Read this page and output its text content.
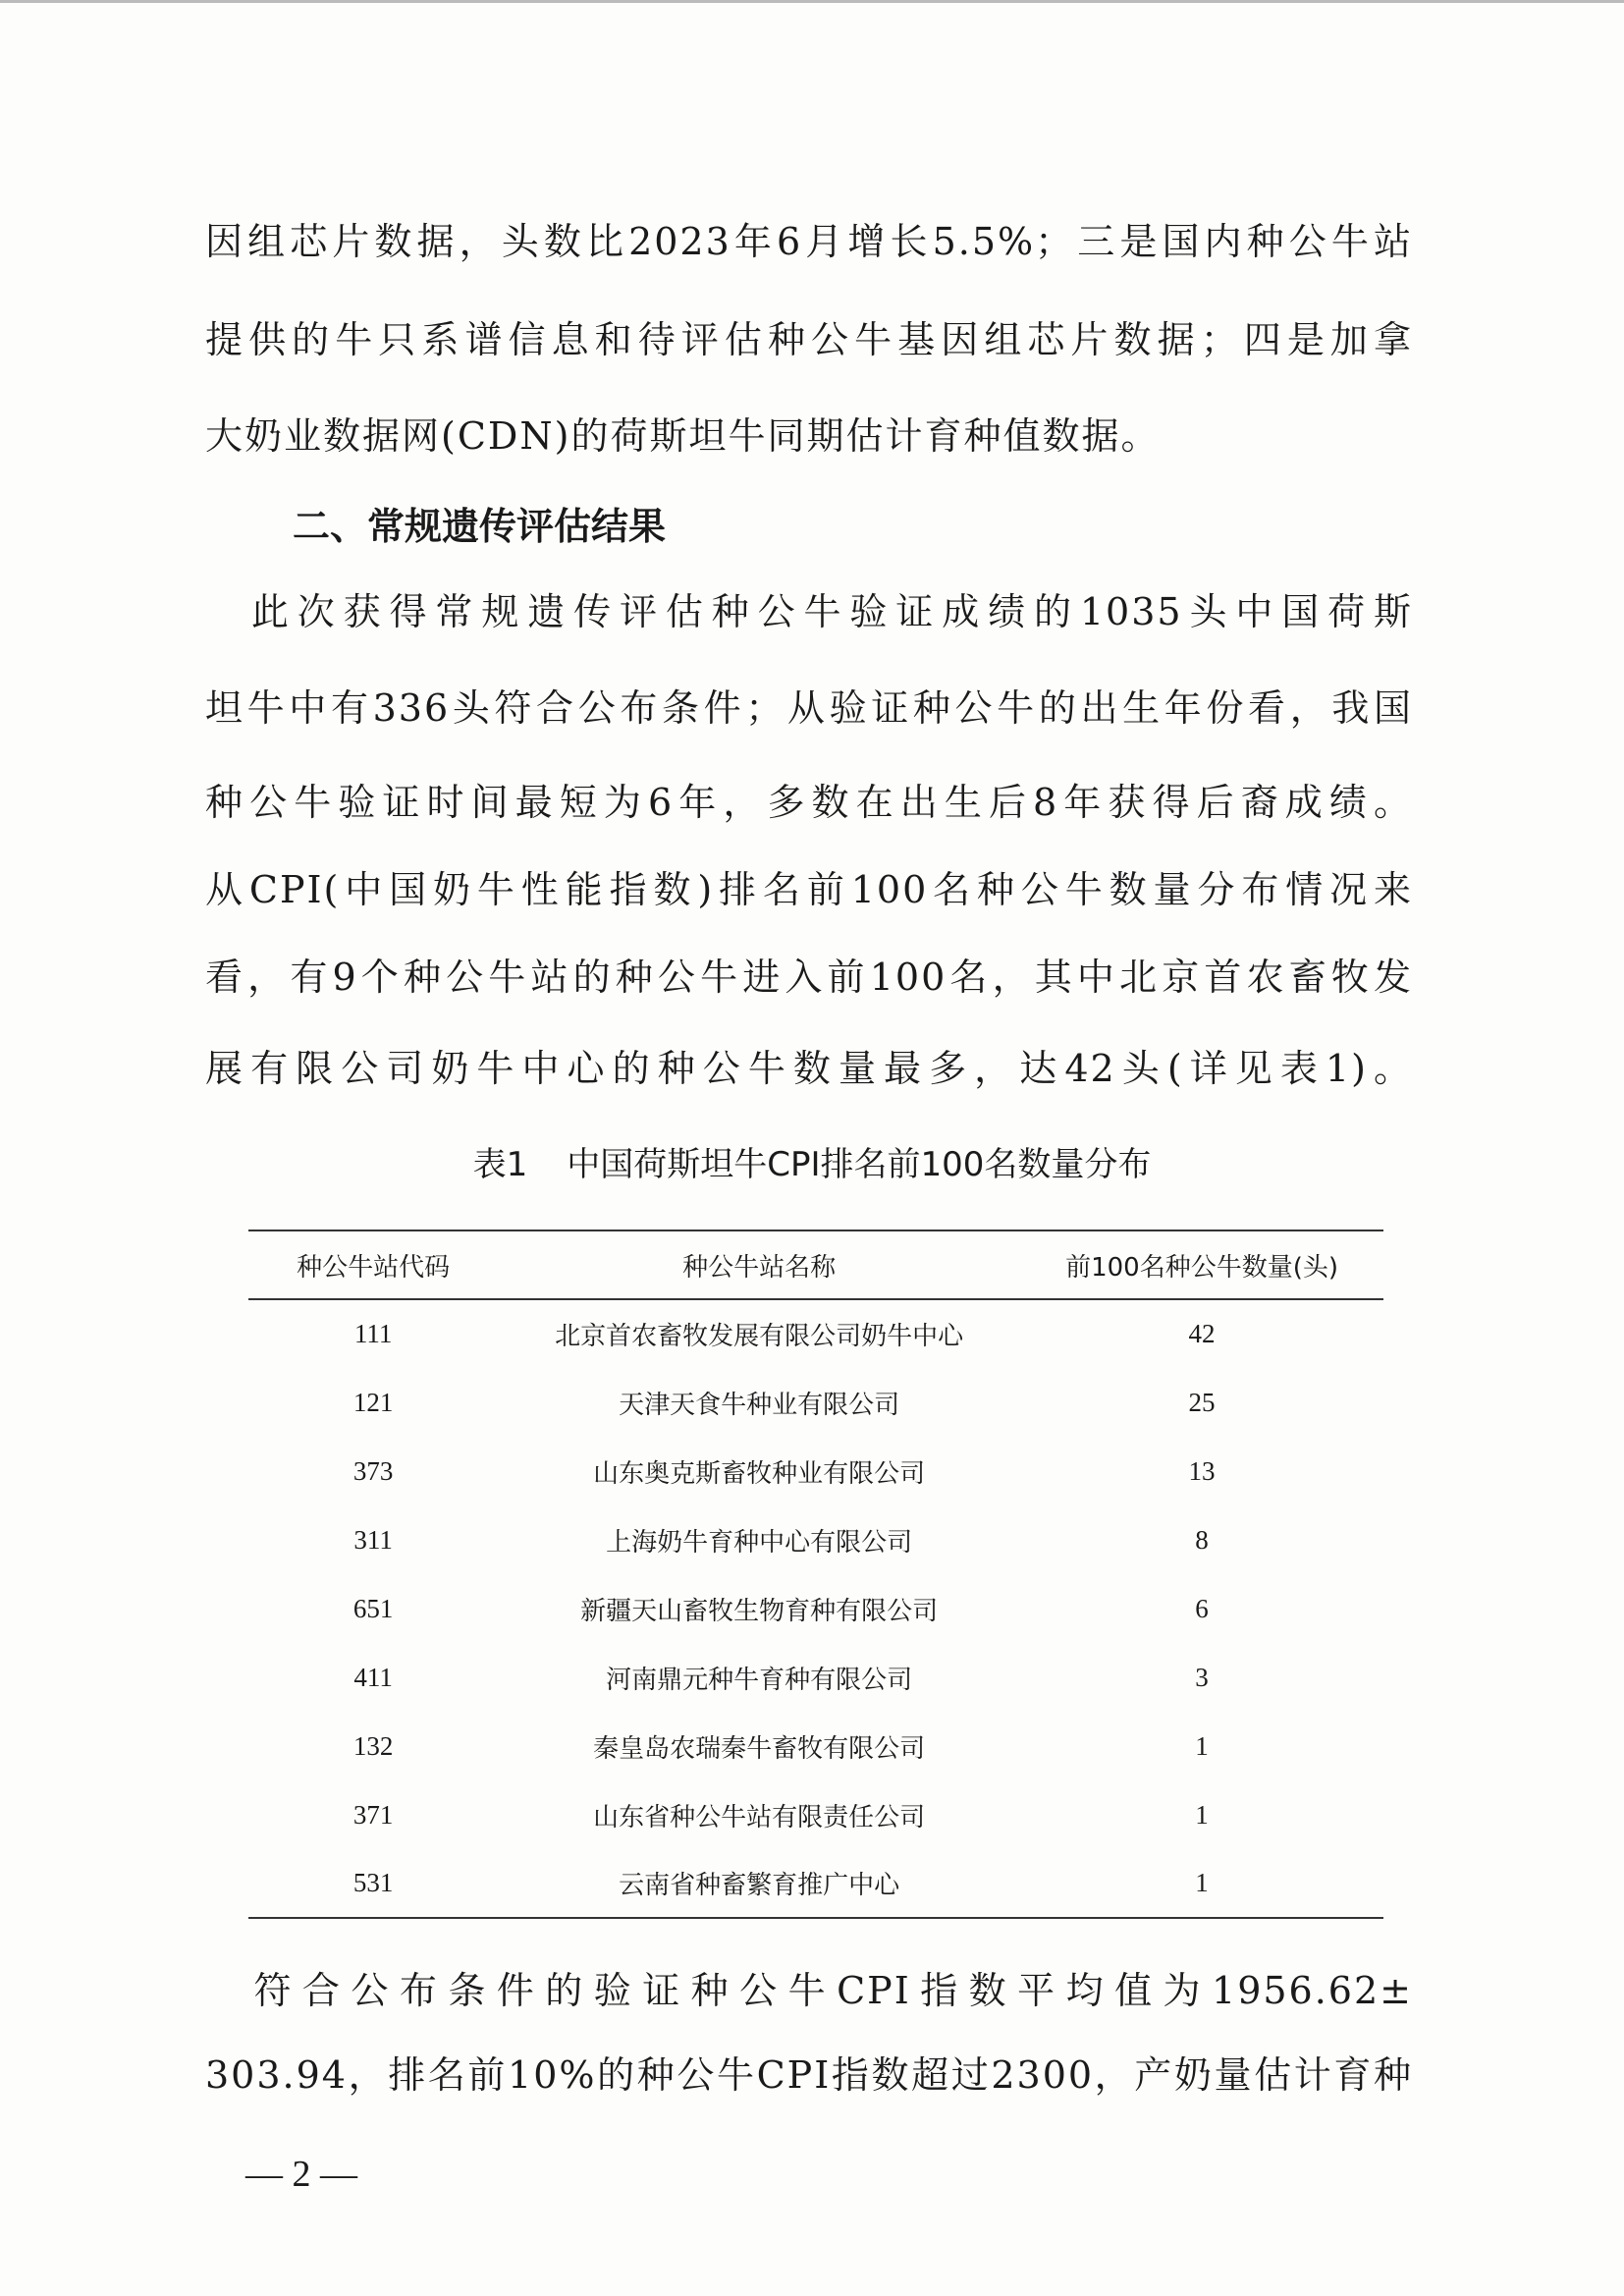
因组芯片数据，头数比2023年6月增长5.5%；三是国内种公牛站
提供的牛只系谱信息和待评估种公牛基因组芯片数据；四是加拿
大奶业数据网(CDN)的荷斯坦牛同期估计育种值数据。
二、常规遗传评估结果
　此次获得常规遗传评估种公牛验证成绩的1035头中国荷斯
坦牛中有336头符合公布条件；从验证种公牛的出生年份看，我国
种公牛验证时间最短为6年，多数在出生后8年获得后裔成绩。
从CPI(中国奶牛性能指数)排名前100名种公牛数量分布情况来
看，有9个种公牛站的种公牛进入前100名，其中北京首农畜牧发
展有限公司奶牛中心的种公牛数量最多，达42头(详见表1)。
表1 中国荷斯坦牛CPI排名前100名数量分布
种公牛站代码	种公牛站名称	前100名种公牛数量(头)
111	北京首农畜牧发展有限公司奶牛中心	42
121	天津天食牛种业有限公司	25
373	山东奥克斯畜牧种业有限公司	13
311	上海奶牛育种中心有限公司	8
651	新疆天山畜牧生物育种有限公司	6
411	河南鼎元种牛育种有限公司	3
132	秦皇岛农瑞秦牛畜牧有限公司	1
371	山东省种公牛站有限责任公司	1
531	云南省种畜繁育推广中心	1
　符合公布条件的验证种公牛CPI指数平均值为1956.62±
303.94，排名前10%的种公牛CPI指数超过2300，产奶量估计育种
— 2 —
